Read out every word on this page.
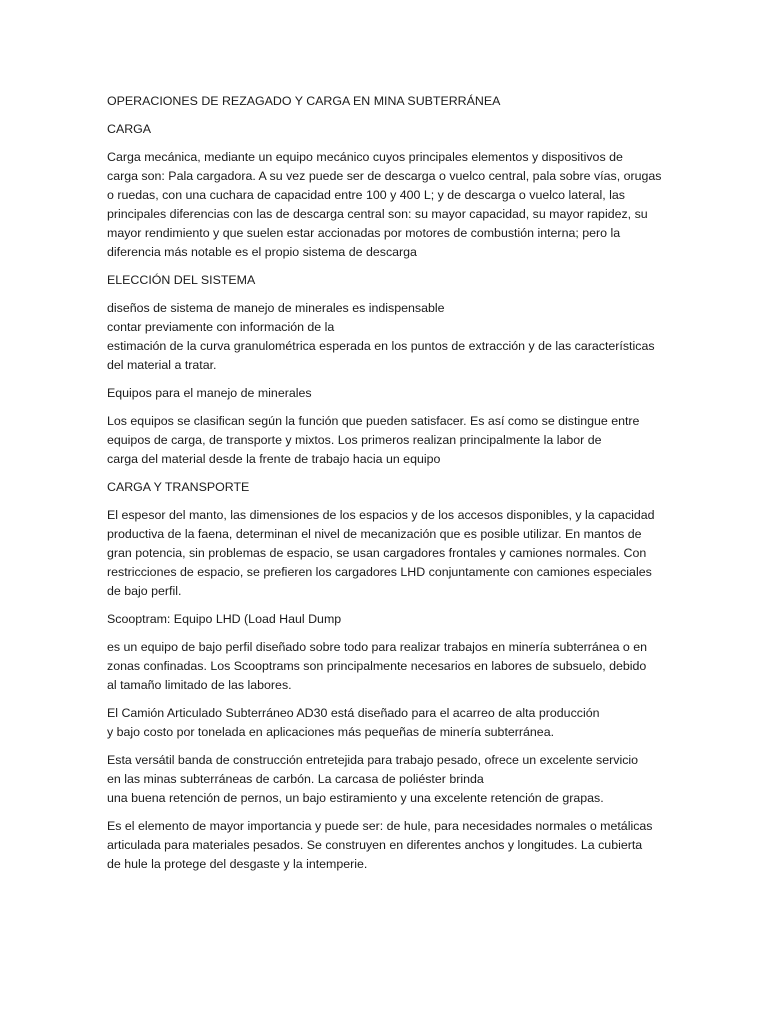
OPERACIONES DE REZAGADO Y CARGA EN MINA SUBTERRÁNEA
CARGA

Carga mecánica, mediante un equipo mecánico cuyos principales elementos y dispositivos de
carga son: Pala cargadora. A su vez puede ser de descarga o vuelco central, pala sobre vías, orugas
o ruedas, con una cuchara de capacidad entre 100 y 400 L; y de descarga o vuelco lateral, las
principales diferencias con las de descarga central son: su mayor capacidad, su mayor rapidez, su
mayor rendimiento y que suelen estar accionadas por motores de combustión interna; pero la
diferencia más notable es el propio sistema de descarga

ELECCIÓN DEL SISTEMA

diseños de sistema de manejo de minerales es indispensable
contar previamente con información de la
estimación de la curva granulométrica esperada en los puntos de extracción y de las características
del material a tratar.

Equipos para el manejo de minerales

Los equipos se clasifican según la función que pueden satisfacer. Es así como se distingue entre
equipos de carga, de transporte y mixtos. Los primeros realizan principalmente la labor de
carga del material desde la frente de trabajo hacia un equipo

CARGA Y TRANSPORTE

El espesor del manto, las dimensiones de los espacios y de los accesos disponibles, y la capacidad
productiva de la faena, determinan el nivel de mecanización que es posible utilizar. En mantos de
gran potencia, sin problemas de espacio, se usan cargadores frontales y camiones normales. Con
restricciones de espacio, se prefieren los cargadores LHD conjuntamente con camiones especiales
de bajo perfil.

Scooptram: Equipo LHD (Load Haul Dump

es un equipo de bajo perfil diseñado sobre todo para realizar trabajos en minería subterránea o en
zonas confinadas. Los Scooptrams son principalmente necesarios en labores de subsuelo, debido
al tamaño limitado de las labores.

El Camión Articulado Subterráneo AD30 está diseñado para el acarreo de alta producción
y bajo costo por tonelada en aplicaciones más pequeñas de minería subterránea.

Esta versátil banda de construcción entretejida para trabajo pesado, ofrece un excelente servicio
en las minas subterráneas de carbón. La carcasa de poliéster brinda
una buena retención de pernos, un bajo estiramiento y una excelente retención de grapas.

Es el elemento de mayor importancia y puede ser: de hule, para necesidades normales o metálicas
articulada para materiales pesados. Se construyen en diferentes anchos y longitudes. La cubierta
de hule la protege del desgaste y la intemperie.
